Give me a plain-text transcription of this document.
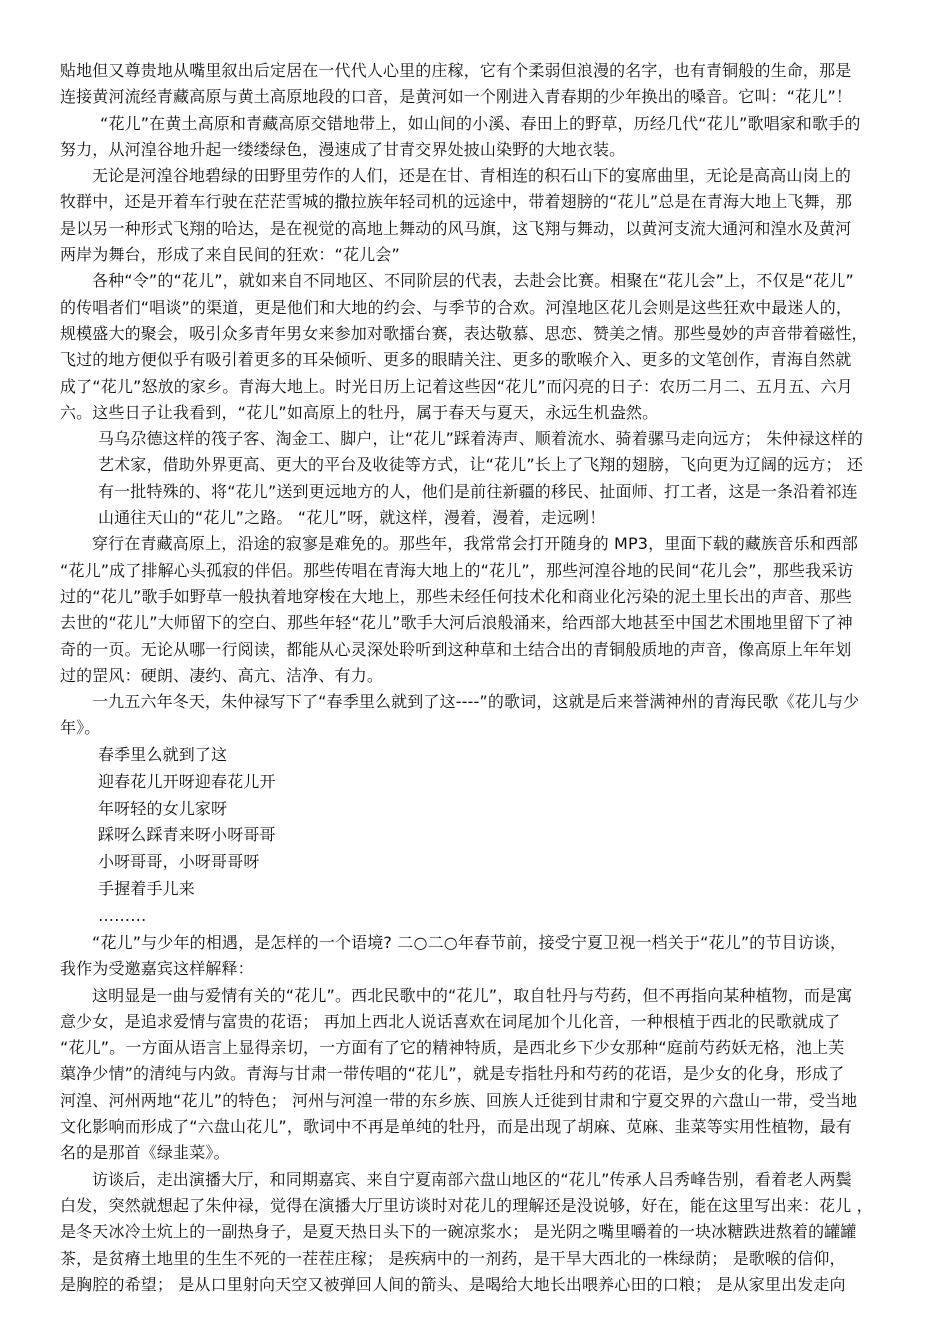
贴地但又尊贵地从嘴里叙出后定居在一代代人心里的庄稼，它有个柔弱但浪漫的名字，也有青铜般的生命，那是
连接黄河流经青藏高原与黄土高原地段的口音，是黄河如一个刚进入青春期的少年换出的嗓音。它叫：“花儿”！
“花儿”在黄土高原和青藏高原交错地带上，如山间的小溪、春田上的野草，历经几代“花儿”歌唱家和歌手的
努力，从河湟谷地升起一缕缕绿色，漫速成了甘青交界处披山染野的大地衣装。
无论是河湟谷地碧绿的田野里劳作的人们，还是在甘、青相连的积石山下的宴席曲里，无论是高高山岗上的
牧群中，还是开着车行驶在茫茫雪城的撒拉族年轻司机的远途中，带着翅膀的“花儿”总是在青海大地上飞舞，那
是以另一种形式飞翔的哈达，是在视觉的高地上舞动的风马旗，这飞翔与舞动，以黄河支流大通河和湟水及黄河
两岸为舞台，形成了来自民间的狂欢：“花儿会”
各种“令”的“花儿”，就如来自不同地区、不同阶层的代表，去赴会比赛。相聚在“花儿会”上，不仅是“花儿”
的传唱者们“唱谈”的渠道，更是他们和大地的约会、与季节的合欢。河湟地区花儿会则是这些狂欢中最迷人的，
规模盛大的聚会，吸引众多青年男女来参加对歌擂台赛，表达敬慕、思恋、赞美之情。那些曼妙的声音带着磁性，
飞过的地方便似乎有吸引着更多的耳朵倾听、更多的眼睛关注、更多的歌喉介入、更多的文笔创作，青海自然就
成了“花儿”怒放的家乡。青海大地上。时光日历上记着这些因“花儿”而闪亮的日子：农历二月二、五月五、六月
六。这些日子让我看到，“花儿”如高原上的牡丹，属于春天与夏天，永远生机盎然。
马乌尕德这样的筏子客、淘金工、脚户，让“花儿”踩着涛声、顺着流水、骑着骡马走向远方； 朱仲禄这样的
艺术家，借助外界更高、更大的平台及收徒等方式，让“花儿”长上了飞翔的翅膀，飞向更为辽阔的远方； 还
有一批特殊的、将“花儿”送到更远地方的人，他们是前往新疆的移民、扯面师、打工者，这是一条沿着祁连
山通往天山的“花儿”之路。 “花儿”呀，就这样，漫着，漫着，走远咧！
穿行在青藏高原上，沿途的寂寥是难免的。那些年，我常常会打开随身的 MP3，里面下载的藏族音乐和西部
“花儿”成了排解心头孤寂的伴侣。那些传唱在青海大地上的“花儿”，那些河湟谷地的民间“花儿会”，那些我采访
过的“花儿”歌手如野草一般执着地穿梭在大地上，那些未经任何技术化和商业化污染的泥土里长出的声音、那些
去世的“花儿”大师留下的空白、那些年轻“花儿”歌手大河后浪般涌来，给西部大地甚至中国艺术围地里留下了神
奇的一页。无论从哪一行阅读，都能从心灵深处聆听到这种草和土结合出的青铜般质地的声音，像高原上年年划
过的罡风：硬朗、凄约、高亢、洁净、有力。
一九五六年冬天，朱仲禄写下了“春季里么就到了这----”的歌词，这就是后来誉满神州的青海民歌《花儿与少
年》。
春季里么就到了这
迎春花儿开呀迎春花儿开
年呀轻的女儿家呀
踩呀么踩青来呀小呀哥哥
小呀哥哥，小呀哥哥呀
手握着手儿来
………
“花儿”与少年的相遇，是怎样的一个语境? 二○二○年春节前，接受宁夏卫视一档关于“花儿”的节目访谈，
我作为受邀嘉宾这样解释：
这明显是一曲与爱情有关的“花儿”。西北民歌中的“花儿”，取自牡丹与芍药，但不再指向某种植物，而是寓
意少女，是追求爱情与富贵的花语； 再加上西北人说话喜欢在词尾加个儿化音，一种根植于西北的民歌就成了
“花儿”。一方面从语言上显得亲切，一方面有了它的精神特质，是西北乡下少女那种“庭前芍药妖无格，池上芙
蕖净少情”的清纯与内敛。青海与甘肃一带传唱的“花儿”，就是专指牡丹和芍药的花语，是少女的化身，形成了
河湟、河州两地“花儿”的特色； 河州与河湟一带的东乡族、回族人迁徙到甘肃和宁夏交界的六盘山一带，受当地
文化影响而形成了“六盘山花儿”，歌词中不再是单纯的牡丹，而是出现了胡麻、苋麻、韭菜等实用性植物，最有
名的是那首《绿韭菜》。
访谈后，走出演播大厅，和同期嘉宾、来自宁夏南部六盘山地区的“花儿”传承人吕秀峰告别，看着老人两鬓
白发，突然就想起了朱仲禄，觉得在演播大厅里访谈时对花儿的理解还是没说够，好在，能在这里写出来：花儿 ，
是冬天冰冷土炕上的一副热身子，是夏天热日头下的一碗凉浆水； 是光阴之嘴里嚼着的一块冰糖跌进熬着的罐罐
茶，是贫瘠土地里的生生不死的一茬茬庄稼； 是疾病中的一剂药，是干旱大西北的一株绿荫； 是歌喉的信仰，
是胸腔的希望； 是从口里射向天空又被弹回人间的箭头、是喝给大地长出喂养心田的口粮； 是从家里出发走向
